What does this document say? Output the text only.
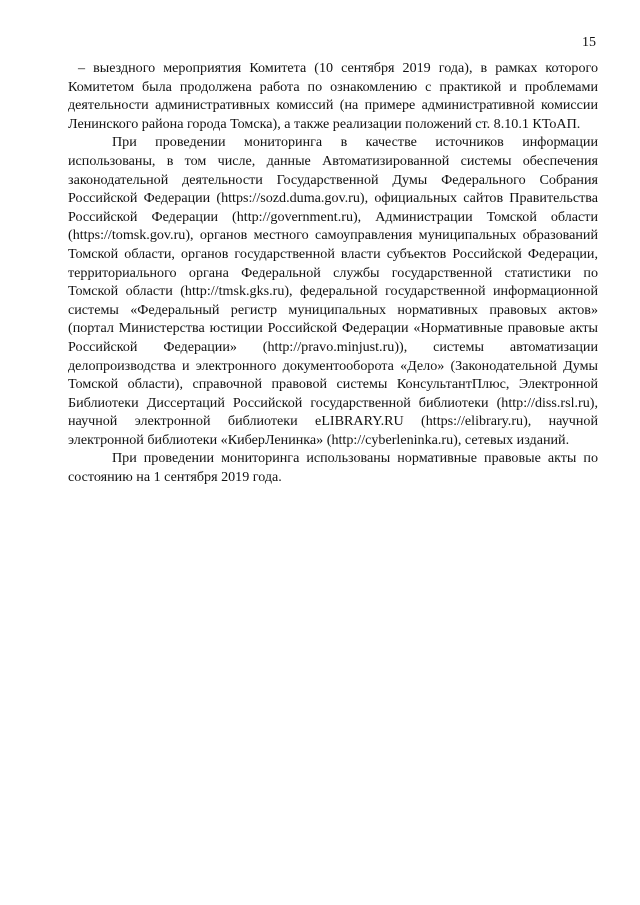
15

– выездного мероприятия Комитета (10 сентября 2019 года), в рамках которого Комитетом была продолжена работа по ознакомлению с практикой и проблемами деятельности административных комиссий (на примере административной комиссии Ленинского района города Томска), а также реализации положений ст. 8.10.1 КТоАП.

При проведении мониторинга в качестве источников информации использованы, в том числе, данные Автоматизированной системы обеспечения законодательной деятельности Государственной Думы Федерального Собрания Российской Федерации (https://sozd.duma.gov.ru), официальных сайтов Правительства Российской Федерации (http://government.ru), Администрации Томской области (https://tomsk.gov.ru), органов местного самоуправления муниципальных образований Томской области, органов государственной власти субъектов Российской Федерации, территориального органа Федеральной службы государственной статистики по Томской области (http://tmsk.gks.ru), федеральной государственной информационной системы «Федеральный регистр муниципальных нормативных правовых актов» (портал Министерства юстиции Российской Федерации «Нормативные правовые акты Российской Федерации» (http://pravo.minjust.ru)), системы автоматизации делопроизводства и электронного документооборота «Дело» (Законодательной Думы Томской области), справочной правовой системы КонсультантПлюс, Электронной Библиотеки Диссертаций Российской государственной библиотеки (http://diss.rsl.ru), научной электронной библиотеки eLIBRARY.RU (https://elibrary.ru), научной электронной библиотеки «КиберЛенинка» (http://cyberleninka.ru), сетевых изданий.

При проведении мониторинга использованы нормативные правовые акты по состоянию на 1 сентября 2019 года.
